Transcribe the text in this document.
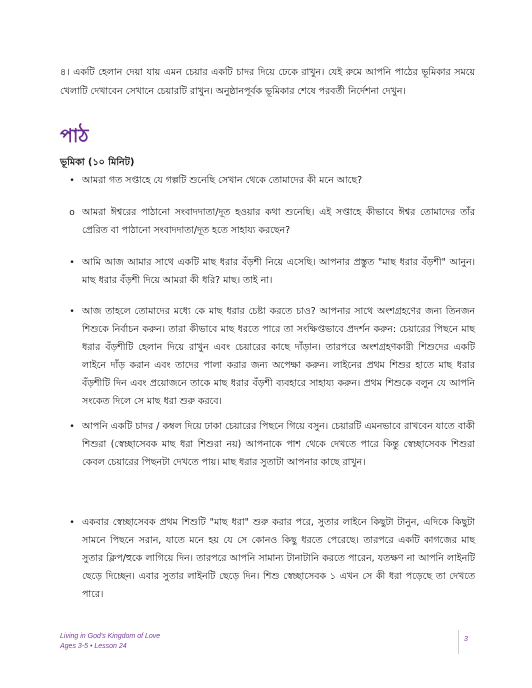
৪। একটি হেলান দেয়া যায় এমন চেয়ার একটি চাদর দিয়ে ঢেকে রাখুন। যেই রুমে আপনি পাঠের ভূমিকার সময়ে খেলাটি দেখাবেন সেখানে চেয়ারটি রাখুন। অনুষ্ঠানপূর্বক ভূমিকার শেষে পরবর্তী নির্দেশনা দেখুন।
পাঠ
ভূমিকা (১০ মিনিট)
• আমরা গত সপ্তাহে যে গল্পটি শুনেছি সেখান থেকে তোমাদের কী মনে আছে?
o আমরা ঈশ্বরের পাঠানো সংবাদদাতা/দূত হওয়ার কথা শুনেছি। এই সপ্তাহে কীভাবে ঈশ্বর তোমাদের তাঁর প্রেরিত বা পাঠানো সংবাদদাতা/দূত হতে সাহায্য করছেন?
• আমি আজ আমার সাথে একটি মাছ ধরার বঁড়শী নিয়ে এসেছি। আপনার প্রস্তুত "মাছ ধরার বঁড়শী" আনুন। মাছ ধরার বঁড়শী দিয়ে আমরা কী ধরি? মাছ। তাই না।
• আজ তাহলে তোমাদের মধ্যে কে মাছ ধরার চেষ্টা করতে চাও? আপনার সাথে অংশগ্রহণের জন্য তিনজন শিশুকে নির্বাচন করুন। তারা কীভাবে মাছ ধরতে পারে তা সংক্ষিপ্তভাবে প্রদর্শন করুন: চেয়ারের পিছনে মাছ ধরার বঁড়শীটি হেলান দিয়ে রাখুন এবং চেয়ারের কাছে দাঁড়ান। তারপরে অংশগ্রহণকারী শিশুদের একটি লাইনে দাঁড় করান এবং তাদের পালা করার জন্য অপেক্ষা করুন। লাইনের প্রথম শিশুর হাতে মাছ ধরার বঁড়শীটি দিন এবং প্রয়োজনে তাকে মাছ ধরার বঁড়শী ব্যবহারে সাহায্য করুন। প্রথম শিশুকে বলুন যে আপনি সংকেত দিলে সে মাছ ধরা শুরু করবে।
• আপনি একটি চাদর / কম্বল দিয়ে ঢাকা চেয়ারের পিছনে গিয়ে বসুন। চেয়ারটি এমনভাবে রাখবেন যাতে বাকী শিশুরা (স্বেচ্ছাসেবক মাছ ধরা শিশুরা নয়) আপনাকে পাশ থেকে দেখতে পারে কিন্তু স্বেচ্ছাসেবক শিশুরা কেবল চেয়ারের পিছনটা দেখতে পায়। মাছ ধরার সুতাটা আপনার কাছে রাখুন।
• একবার স্বেচ্ছাসেবক প্রথম শিশুটি "মাছ ধরা" শুরু করার পরে, সুতার লাইনে কিছুটা টানুন, এদিকে কিছুটা সামনে পিছনে সরান, যাতে মনে হয় যে সে কোনও কিছু ধরতে পেরেছে। তারপরে একটি কাগজের মাছ সুতার ক্লিপ/হুকে লাগিয়ে দিন। তারপরে আপনি সামান্য টানাটানি করতে পারেন, যতক্ষণ না আপনি লাইনটি ছেড়ে দিচ্ছেন। এবার সুতার লাইনটি ছেড়ে দিন। শিশু স্বেচ্ছাসেবক ১ এখন সে কী ধরা পড়েছে তা দেখতে পারে।
Living in God's Kingdom of Love
Ages 3-5 • Lesson 24
3
